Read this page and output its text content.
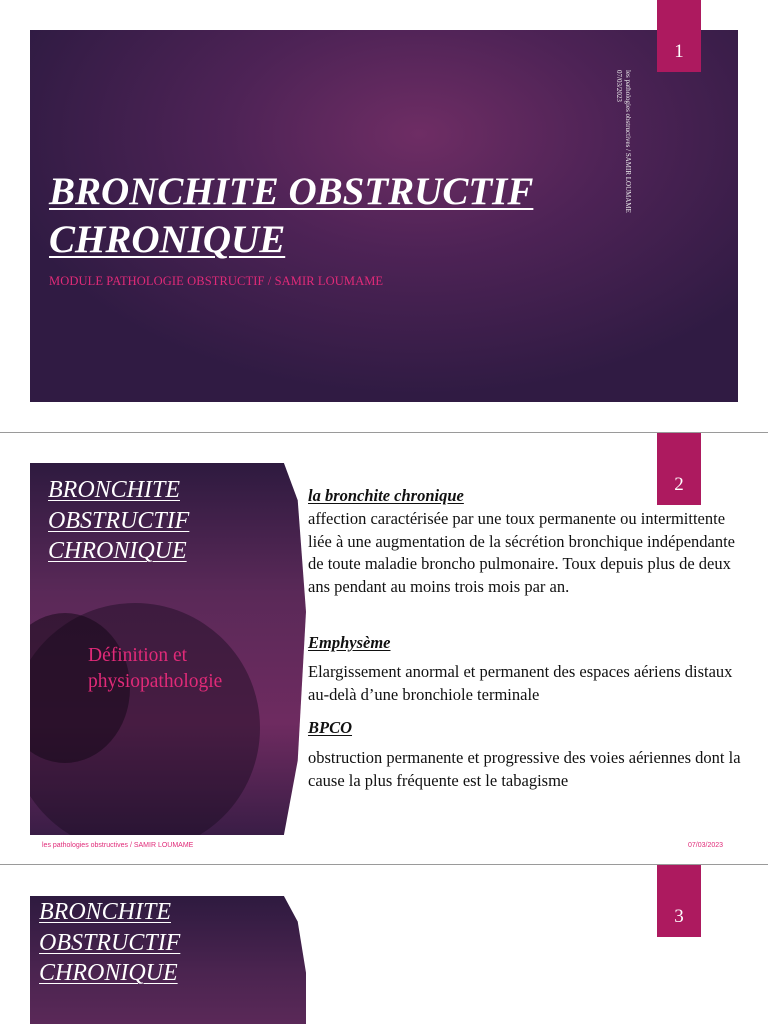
BRONCHITE OBSTRUCTIF CHRONIQUE
MODULE PATHOLOGIE OBSTRUCTIF / SAMIR LOUMAME
les pathologies obstructives / SAMIR LOUMAME
07/03/2023
1
2
BRONCHITE
OBSTRUCTIF
CHRONIQUE
Définition et
physiopathologie
la bronchite chronique
affection caractérisée par une toux permanente ou intermittente liée à une augmentation de la sécrétion bronchique indépendante de toute maladie broncho pulmonaire. Toux depuis plus de deux ans pendant au moins trois mois par an.
Emphysème
Elargissement anormal et permanent des espaces aériens distaux au-delà d’une bronchiole terminale
BPCO
obstruction permanente et progressive des voies aériennes dont la cause la plus fréquente est le tabagisme
les pathologies obstructives / SAMIR LOUMAME	07/03/2023
3
BRONCHITE
OBSTRUCTIF
CHRONIQUE
